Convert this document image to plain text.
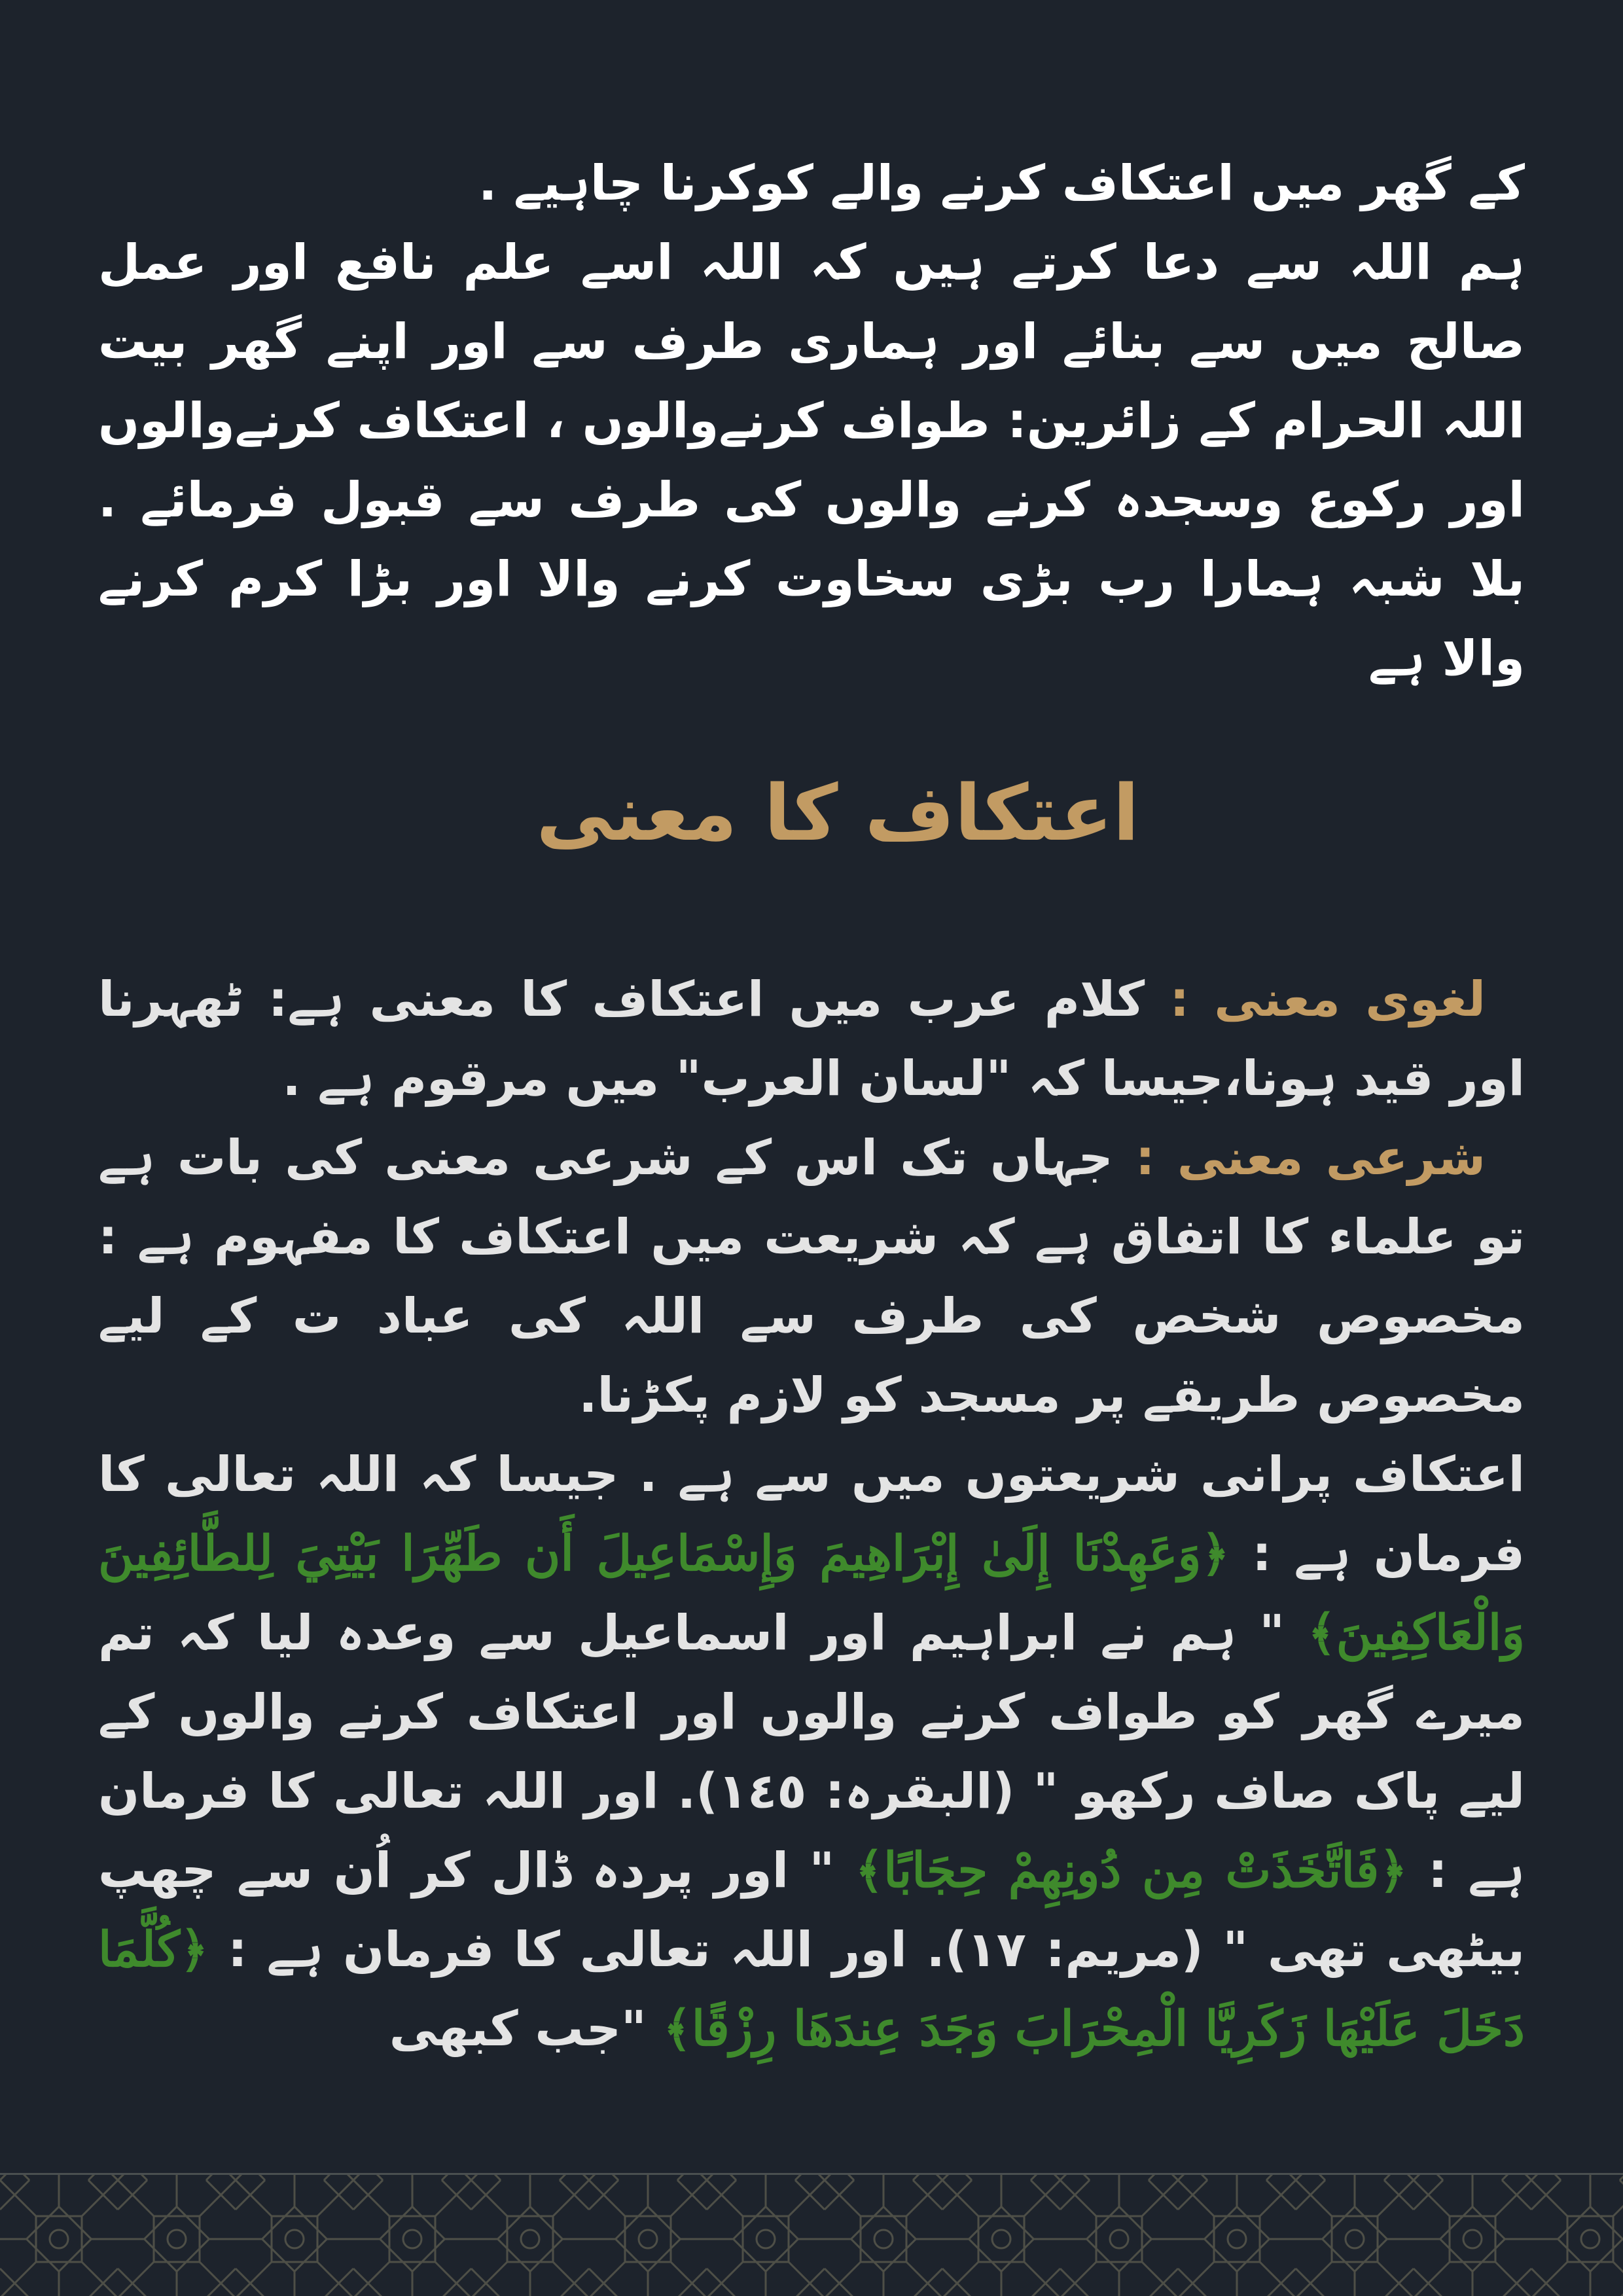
کے گھر میں اعتکاف کرنے والے کوکرنا چاہیے .

ہم اللہ سے دعا کرتے ہیں کہ اللہ اسے علم نافع اور عمل صالح میں سے بنائے اور ہماری طرف سے اور اپنے گھر بیت اللہ الحرام کے زائرین: طواف کرنےوالوں ، اعتکاف کرنےوالوں اور رکوع وسجدہ کرنے والوں کی طرف سے قبول فرمائے . بلا شبہ ہمارا رب بڑی سخاوت کرنے والا اور بڑا کرم کرنے والا ہے

اعتکاف کا معنی

لغوی معنی : کلام عرب میں اعتکاف کا معنی ہے: ٹھہرنا اور قید ہونا،جیسا کہ "لسان العرب" میں مرقوم ہے .

شرعی معنی : جہاں تک اس کے شرعی معنی کی بات ہے تو علماء کا اتفاق ہے کہ شریعت میں اعتکاف کا مفہوم ہے : مخصوص شخص کی طرف سے اللہ کی عباد ت کے لیے مخصوص طریقے پر مسجد کو لازم پکڑنا.

اعتکاف پرانی شریعتوں میں سے ہے . جیسا کہ اللہ تعالی کا فرمان ہے : ﴿وَعَهِدْنَا إِلَىٰ إِبْرَاهِيمَ وَإِسْمَاعِيلَ أَن طَهِّرَا بَيْتِيَ لِلطَّائِفِينَ وَالْعَاكِفِينَ﴾ " ہم نے ابراہیم اور اسماعیل سے وعدہ لیا کہ تم میرے گھر کو طواف کرنے والوں اور اعتکاف کرنے والوں کے لیے پاک صاف رکھو " (البقرہ: ١٤٥). اور اللہ تعالی کا فرمان ہے : ﴿فَاتَّخَذَتْ مِن دُونِهِمْ حِجَابًا﴾ " اور پردہ ڈال کر اُن سے چھپ بیٹھی تھی " (مریم: ١٧). اور اللہ تعالی کا فرمان ہے : ﴿كُلَّمَا دَخَلَ عَلَيْهَا زَكَرِيَّا الْمِحْرَابَ وَجَدَ عِندَهَا رِزْقًا﴾ "جب کبھی
